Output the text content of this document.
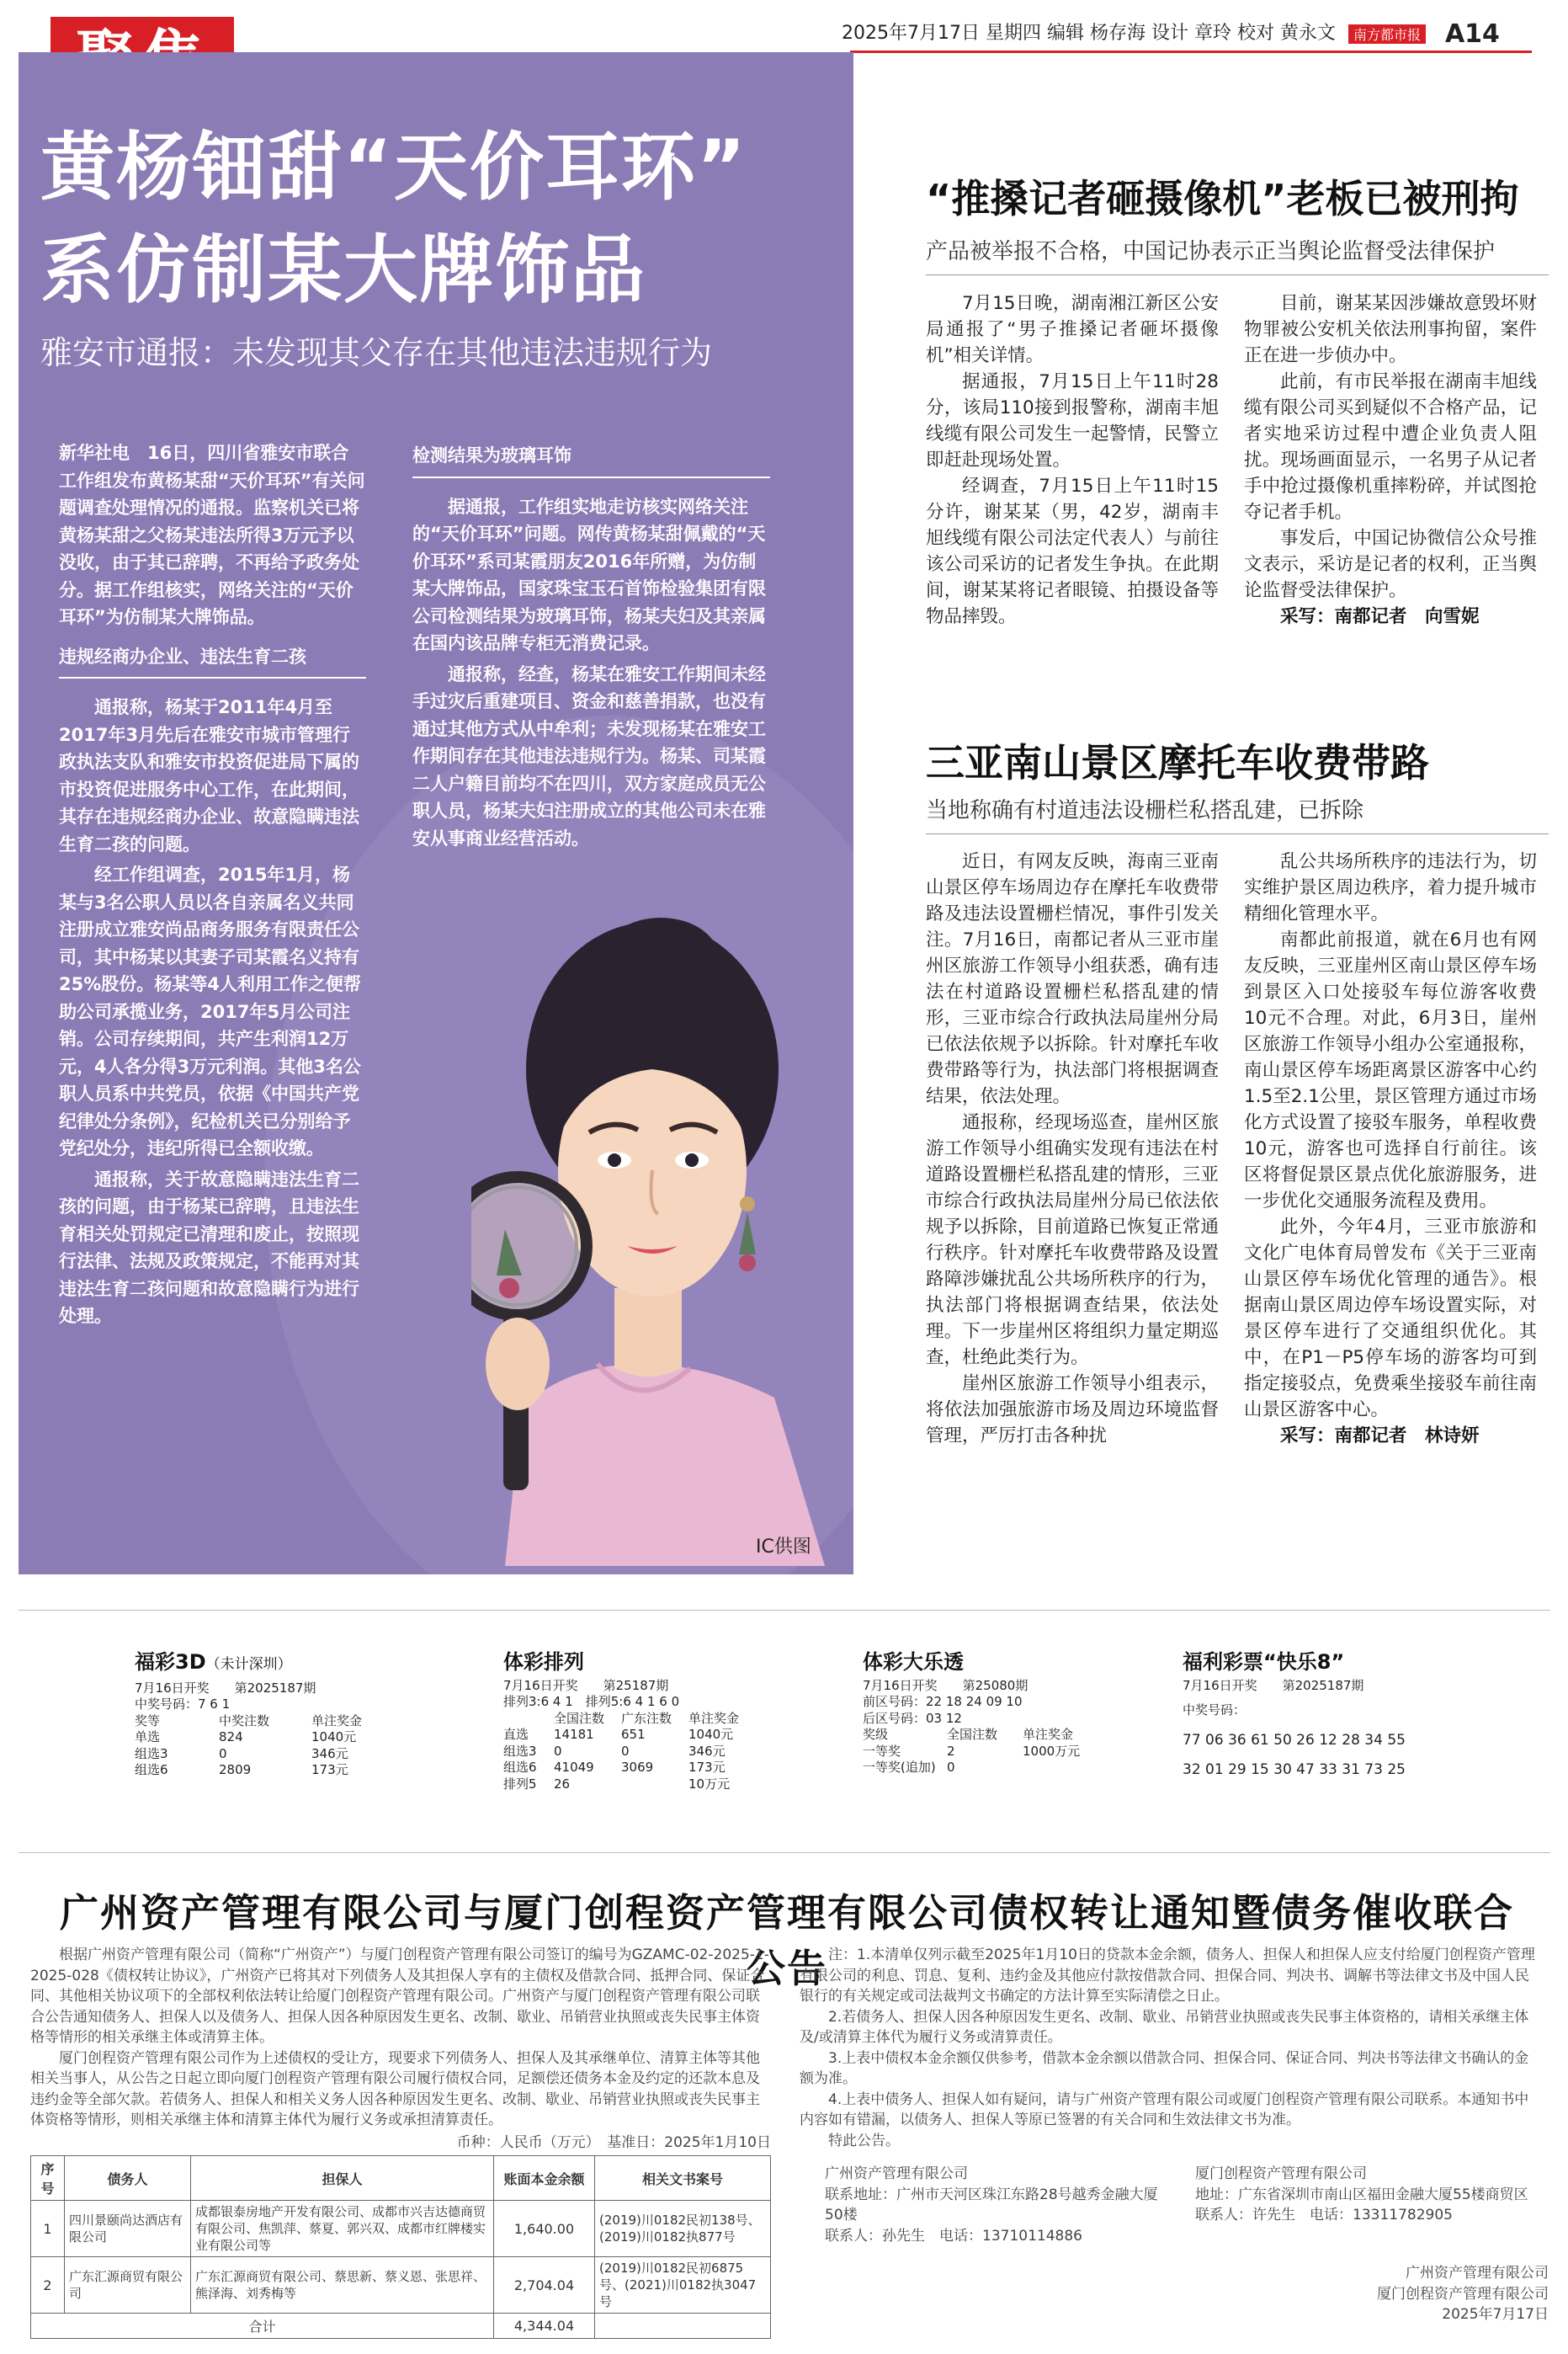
2025年7月17日 星期四 编辑 杨存海 设计 章玲 校对 黄永文 南方都市报 A14
黄杨钿甜“天价耳环”
系仿制某大牌饰品
雅安市通报：未发现其父存在其他违法违规行为

新华社电　16日，四川省雅安市联合工作组发布黄杨某甜“天价耳环”有关问题调查处理情况的通报。监察机关已将黄杨某甜之父杨某违法所得3万元予以没收，由于其已辞聘，不再给予政务处分。据工作组核实，网络关注的“天价耳环”为仿制某大牌饰品。

违规经商办企业、违法生育二孩

通报称，杨某于2011年4月至2017年3月先后在雅安市城市管理行政执法支队和雅安市投资促进局下属的市投资促进服务中心工作，在此期间，其存在违规经商办企业、故意隐瞒违法生育二孩的问题。

经工作组调查，2015年1月，杨某与3名公职人员以各自亲属名义共同注册成立雅安尚品商务服务有限责任公司，其中杨某以其妻子司某霞名义持有25%股份。杨某等4人利用工作之便帮助公司承揽业务，2017年5月公司注销。公司存续期间，共产生利润12万元，4人各分得3万元利润。其他3名公职人员系中共党员，依据《中国共产党纪律处分条例》，纪检机关已分别给予党纪处分，违纪所得已全额收缴。

通报称，关于故意隐瞒违法生育二孩的问题，由于杨某已辞聘，且违法生育相关处罚规定已清理和废止，按照现行法律、法规及政策规定，不能再对其违法生育二孩问题和故意隐瞒行为进行处理。

检测结果为玻璃耳饰

据通报，工作组实地走访核实网络关注的“天价耳环”问题。网传黄杨某甜佩戴的“天价耳环”系司某霞朋友2016年所赠，为仿制某大牌饰品，国家珠宝玉石首饰检验集团有限公司检测结果为玻璃耳饰，杨某夫妇及其亲属在国内该品牌专柜无消费记录。

通报称，经查，杨某在雅安工作期间未经手过灾后重建项目、资金和慈善捐款，也没有通过其他方式从中牟利；未发现杨某在雅安工作期间存在其他违法违规行为。杨某、司某霞二人户籍目前均不在四川，双方家庭成员无公职人员，杨某夫妇注册成立的其他公司未在雅安从事商业经营活动。

IC供图
“推搡记者砸摄像机”老板已被刑拘
产品被举报不合格，中国记协表示正当舆论监督受法律保护

7月15日晚，湖南湘江新区公安局通报了“男子推搡记者砸坏摄像机”相关详情。

据通报，7月15日上午11时28分，该局110接到报警称，湖南丰旭线缆有限公司发生一起警情，民警立即赶赴现场处置。

经调查，7月15日上午11时15分许，谢某某（男，42岁，湖南丰旭线缆有限公司法定代表人）与前往该公司采访的记者发生争执。在此期间，谢某某将记者眼镜、拍摄设备等物品摔毁。

目前，谢某某因涉嫌故意毁坏财物罪被公安机关依法刑事拘留，案件正在进一步侦办中。

此前，有市民举报在湖南丰旭线缆有限公司买到疑似不合格产品，记者实地采访过程中遭企业负责人阻扰。现场画面显示，一名男子从记者手中抢过摄像机重摔粉碎，并试图抢夺记者手机。

事发后，中国记协微信公众号推文表示，采访是记者的权利，正当舆论监督受法律保护。

采写：南都记者　向雪妮

三亚南山景区摩托车收费带路
当地称确有村道违法设栅栏私搭乱建，已拆除

近日，有网友反映，海南三亚南山景区停车场周边存在摩托车收费带路及违法设置栅栏情况，事件引发关注。7月16日，南都记者从三亚市崖州区旅游工作领导小组获悉，确有违法在村道路设置栅栏私搭乱建的情形，三亚市综合行政执法局崖州分局已依法依规予以拆除。针对摩托车收费带路等行为，执法部门将根据调查结果，依法处理。

通报称，经现场巡查，崖州区旅游工作领导小组确实发现有违法在村道路设置栅栏私搭乱建的情形，三亚市综合行政执法局崖州分局已依法依规予以拆除，目前道路已恢复正常通行秩序。针对摩托车收费带路及设置路障涉嫌扰乱公共场所秩序的行为，执法部门将根据调查结果，依法处理。下一步崖州区将组织力量定期巡查，杜绝此类行为。

崖州区旅游工作领导小组表示，将依法加强旅游市场及周边环境监督管理，严厉打击各种扰

乱公共场所秩序的违法行为，切实维护景区周边秩序，着力提升城市精细化管理水平。

南都此前报道，就在6月也有网友反映，三亚崖州区南山景区停车场到景区入口处接驳车每位游客收费10元不合理。对此，6月3日，崖州区旅游工作领导小组办公室通报称，南山景区停车场距离景区游客中心约1.5至2.1公里，景区管理方通过市场化方式设置了接驳车服务，单程收费10元，游客也可选择自行前往。该区将督促景区景点优化旅游服务，进一步优化交通服务流程及费用。

此外，今年4月，三亚市旅游和文化广电体育局曾发布《关于三亚南山景区停车场优化管理的通告》。根据南山景区周边停车场设置实际，对景区停车进行了交通组织优化。其中，在P1－P5停车场的游客均可到指定接驳点，免费乘坐接驳车前往南山景区游客中心。

采写：南都记者　林诗妍

福彩3D（未计深圳）
7月16日开奖　　第2025187期
中奖号码：7 6 1
奖等	中奖注数	单注奖金
单选	824	1040元
组选3	0	346元
组选6	2809	173元
体彩排列
7月16日开奖　　第25187期
排列3:6 4 1　排列5:6 4 1 6 0
	全国注数	广东注数	单注奖金
直选	14181	651	1040元
组选3	0	0	346元
组选6	41049	3069	173元
排列5	26		10万元
体彩大乐透
7月16日开奖　　第25080期
前区号码：22 18 24 09 10
后区号码：03 12
奖级	全国注数	单注奖金
一等奖	2	1000万元
一等奖(追加)	0	
福利彩票“快乐8”
7月16日开奖　　第2025187期
中奖号码：
77 06 36 61 50 26 12 28 34 55
32 01 29 15 30 47 33 31 73 25
广州资产管理有限公司与厦门创程资产管理有限公司债权转让通知暨债务催收联合公告

根据广州资产管理有限公司（简称“广州资产”）与厦门创程资产管理有限公司签订的编号为GZAMC-02-2025-1-2025-028《债权转让协议》，广州资产已将其对下列债务人及其担保人享有的主债权及借款合同、抵押合同、保证合同、其他相关协议项下的全部权利依法转让给厦门创程资产管理有限公司。广州资产与厦门创程资产管理有限公司联合公告通知债务人、担保人以及债务人、担保人因各种原因发生更名、改制、歇业、吊销营业执照或丧失民事主体资格等情形的相关承继主体或清算主体。

厦门创程资产管理有限公司作为上述债权的受让方，现要求下列债务人、担保人及其承继单位、清算主体等其他相关当事人，从公告之日起立即向厦门创程资产管理有限公司履行债权合同，足额偿还债务本金及约定的还款本息及违约金等全部欠款。若债务人、担保人和相关义务人因各种原因发生更名、改制、歇业、吊销营业执照或丧失民事主体资格等情形，则相关承继主体和清算主体代为履行义务或承担清算责任。

币种：人民币（万元）　基准日：2025年1月10日
序号	债务人	担保人	账面本金余额	相关文书案号
1	四川景颐尚达酒店有限公司	成都银泰房地产开发有限公司、成都市兴吉达德商贸有限公司、焦凯萍、蔡夏、郭兴双、成都市红牌楼实业有限公司等	1,640.00	(2019)川0182民初138号、(2019)川0182执877号
2	广东汇源商贸有限公司	广东汇源商贸有限公司、蔡思新、蔡义恩、张思祥、熊泽海、刘秀梅等	2,704.04	(2019)川0182民初6875号、(2021)川0182执3047号
合计			4,344.04	

注：1.本清单仅列示截至2025年1月10日的贷款本金余额，债务人、担保人和担保人应支付给厦门创程资产管理有限公司的利息、罚息、复利、违约金及其他应付款按借款合同、担保合同、判决书、调解书等法律文书及中国人民银行的有关规定或司法裁判文书确定的方法计算至实际清偿之日止。

2.若债务人、担保人因各种原因发生更名、改制、歇业、吊销营业执照或丧失民事主体资格的，请相关承继主体及/或清算主体代为履行义务或清算责任。

3.上表中债权本金余额仅供参考，借款本金余额以借款合同、担保合同、保证合同、判决书等法律文书确认的金额为准。

4.上表中债务人、担保人如有疑问，请与广州资产管理有限公司或厦门创程资产管理有限公司联系。本通知书中内容如有错漏，以债务人、担保人等原已签署的有关合同和生效法律文书为准。

特此公告。

广州资产管理有限公司
联系地址：广州市天河区珠江东路28号越秀金融大厦50楼
联系人：孙先生　电话：13710114886
厦门创程资产管理有限公司
地址：广东省深圳市南山区福田金融大厦55楼商贸区
联系人：许先生　电话：13311782905
广州资产管理有限公司
厦门创程资产管理有限公司
2025年7月17日
